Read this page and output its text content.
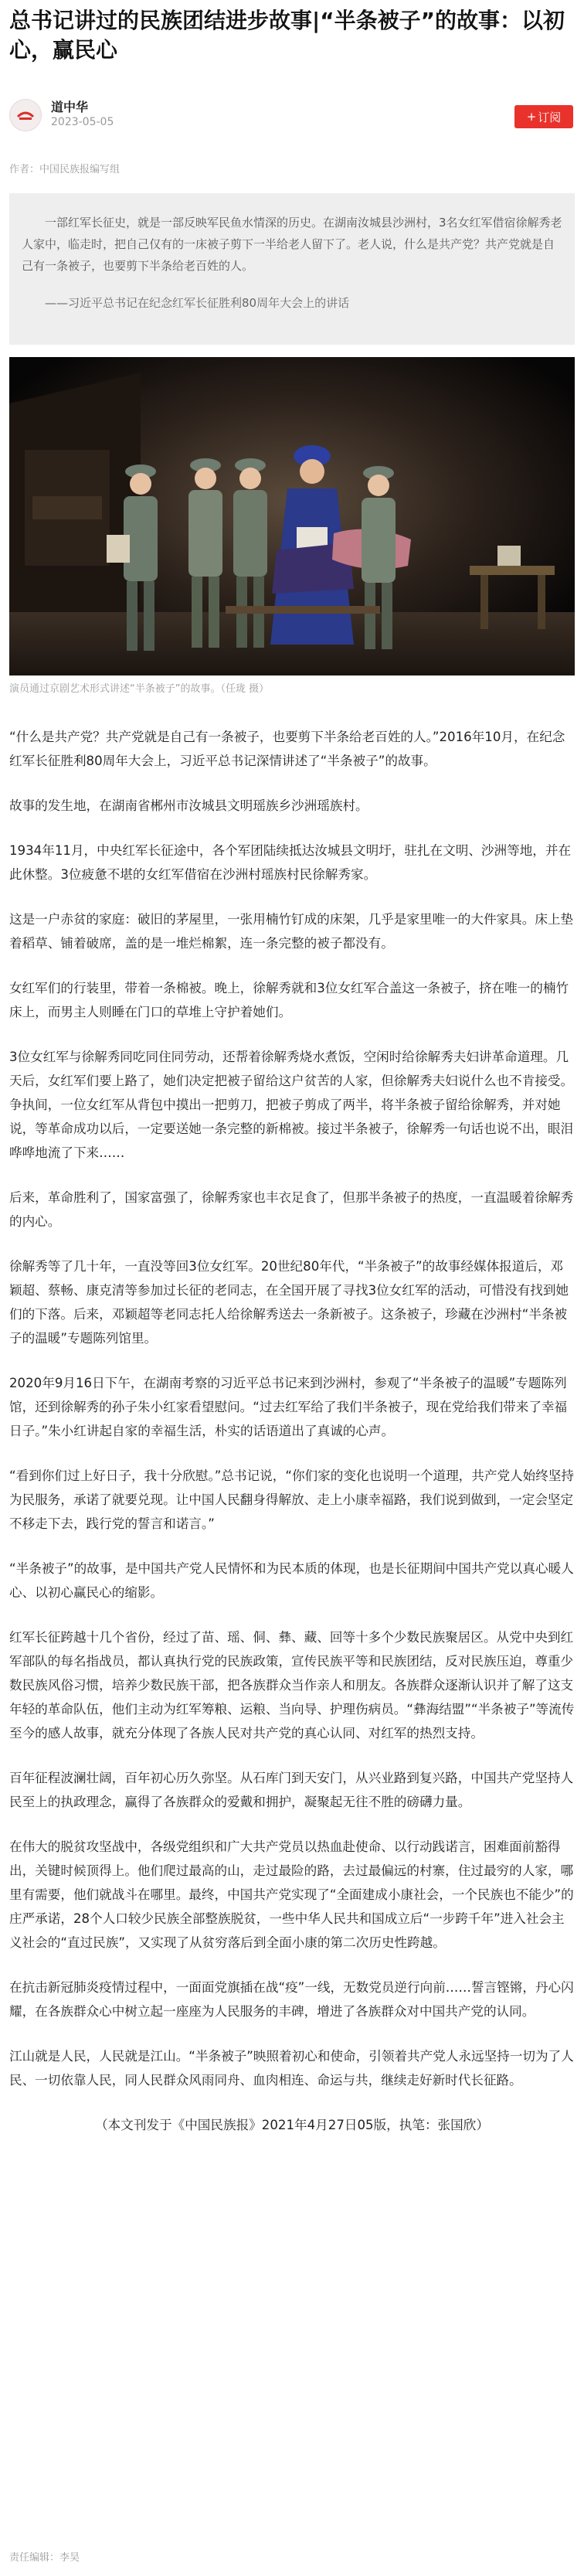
总书记讲过的民族团结进步故事|“半条被子”的故事：以初心，赢民心
道中华
2023-05-05	+ 订阅
作者：中国民族报编写组

一部红军长征史，就是一部反映军民鱼水情深的历史。在湖南汝城县沙洲村，3名女红军借宿徐解秀老人家中，临走时，把自己仅有的一床被子剪下一半给老人留下了。老人说，什么是共产党？共产党就是自己有一条被子，也要剪下半条给老百姓的人。

——习近平总书记在纪念红军长征胜利80周年大会上的讲话

演员通过京剧艺术形式讲述“半条被子”的故事。（任珑 摄）

“什么是共产党？共产党就是自己有一条被子，也要剪下半条给老百姓的人。”2016年10月，在纪念红军长征胜利80周年大会上，习近平总书记深情讲述了“半条被子”的故事。

故事的发生地，在湖南省郴州市汝城县文明瑶族乡沙洲瑶族村。

1934年11月，中央红军长征途中，各个军团陆续抵达汝城县文明圩，驻扎在文明、沙洲等地，并在此休整。3位疲惫不堪的女红军借宿在沙洲村瑶族村民徐解秀家。

这是一户赤贫的家庭：破旧的茅屋里，一张用楠竹钉成的床架，几乎是家里唯一的大件家具。床上垫着稻草、铺着破席，盖的是一堆烂棉絮，连一条完整的被子都没有。

女红军们的行装里，带着一条棉被。晚上，徐解秀就和3位女红军合盖这一条被子，挤在唯一的楠竹床上，而男主人则睡在门口的草堆上守护着她们。

3位女红军与徐解秀同吃同住同劳动，还帮着徐解秀烧水煮饭，空闲时给徐解秀夫妇讲革命道理。几天后，女红军们要上路了，她们决定把被子留给这户贫苦的人家，但徐解秀夫妇说什么也不肯接受。争执间，一位女红军从背包中摸出一把剪刀，把被子剪成了两半，将半条被子留给徐解秀，并对她说，等革命成功以后，一定要送她一条完整的新棉被。接过半条被子，徐解秀一句话也说不出，眼泪哗哗地流了下来……

后来，革命胜利了，国家富强了，徐解秀家也丰衣足食了，但那半条被子的热度，一直温暖着徐解秀的内心。

徐解秀等了几十年，一直没等回3位女红军。20世纪80年代，“半条被子”的故事经媒体报道后，邓颖超、蔡畅、康克清等参加过长征的老同志，在全国开展了寻找3位女红军的活动，可惜没有找到她们的下落。后来，邓颖超等老同志托人给徐解秀送去一条新被子。这条被子，珍藏在沙洲村“半条被子的温暖”专题陈列馆里。

2020年9月16日下午，在湖南考察的习近平总书记来到沙洲村，参观了“半条被子的温暖”专题陈列馆，还到徐解秀的孙子朱小红家看望慰问。“过去红军给了我们半条被子，现在党给我们带来了幸福日子。”朱小红讲起自家的幸福生活，朴实的话语道出了真诚的心声。

“看到你们过上好日子，我十分欣慰。”总书记说，“你们家的变化也说明一个道理，共产党人始终坚持为民服务，承诺了就要兑现。让中国人民翻身得解放、走上小康幸福路，我们说到做到，一定会坚定不移走下去，践行党的誓言和诺言。”

“半条被子”的故事，是中国共产党人民情怀和为民本质的体现，也是长征期间中国共产党以真心暖人心、以初心赢民心的缩影。

红军长征跨越十几个省份，经过了苗、瑶、侗、彝、藏、回等十多个少数民族聚居区。从党中央到红军部队的每名指战员，都认真执行党的民族政策，宣传民族平等和民族团结，反对民族压迫，尊重少数民族风俗习惯，培养少数民族干部，把各族群众当作亲人和朋友。各族群众逐渐认识并了解了这支年轻的革命队伍，他们主动为红军筹粮、运粮、当向导、护理伤病员。“彝海结盟”“半条被子”等流传至今的感人故事，就充分体现了各族人民对共产党的真心认同、对红军的热烈支持。

百年征程波澜壮阔，百年初心历久弥坚。从石库门到天安门，从兴业路到复兴路，中国共产党坚持人民至上的执政理念，赢得了各族群众的爱戴和拥护，凝聚起无往不胜的磅礴力量。

在伟大的脱贫攻坚战中，各级党组织和广大共产党员以热血赴使命、以行动践诺言，困难面前豁得出，关键时候顶得上。他们爬过最高的山，走过最险的路，去过最偏远的村寨，住过最穷的人家，哪里有需要，他们就战斗在哪里。最终，中国共产党实现了“全面建成小康社会，一个民族也不能少”的庄严承诺，28个人口较少民族全部整族脱贫，一些中华人民共和国成立后“一步跨千年”进入社会主义社会的“直过民族”，又实现了从贫穷落后到全面小康的第二次历史性跨越。

在抗击新冠肺炎疫情过程中，一面面党旗插在战“疫”一线，无数党员逆行向前……誓言铿锵，丹心闪耀，在各族群众心中树立起一座座为人民服务的丰碑，增进了各族群众对中国共产党的认同。

江山就是人民，人民就是江山。“半条被子”映照着初心和使命，引领着共产党人永远坚持一切为了人民、一切依靠人民，同人民群众风雨同舟、血肉相连、命运与共，继续走好新时代长征路。

（本文刊发于《中国民族报》2021年4月27日05版，执笔：张国欣）

责任编辑：李昊
